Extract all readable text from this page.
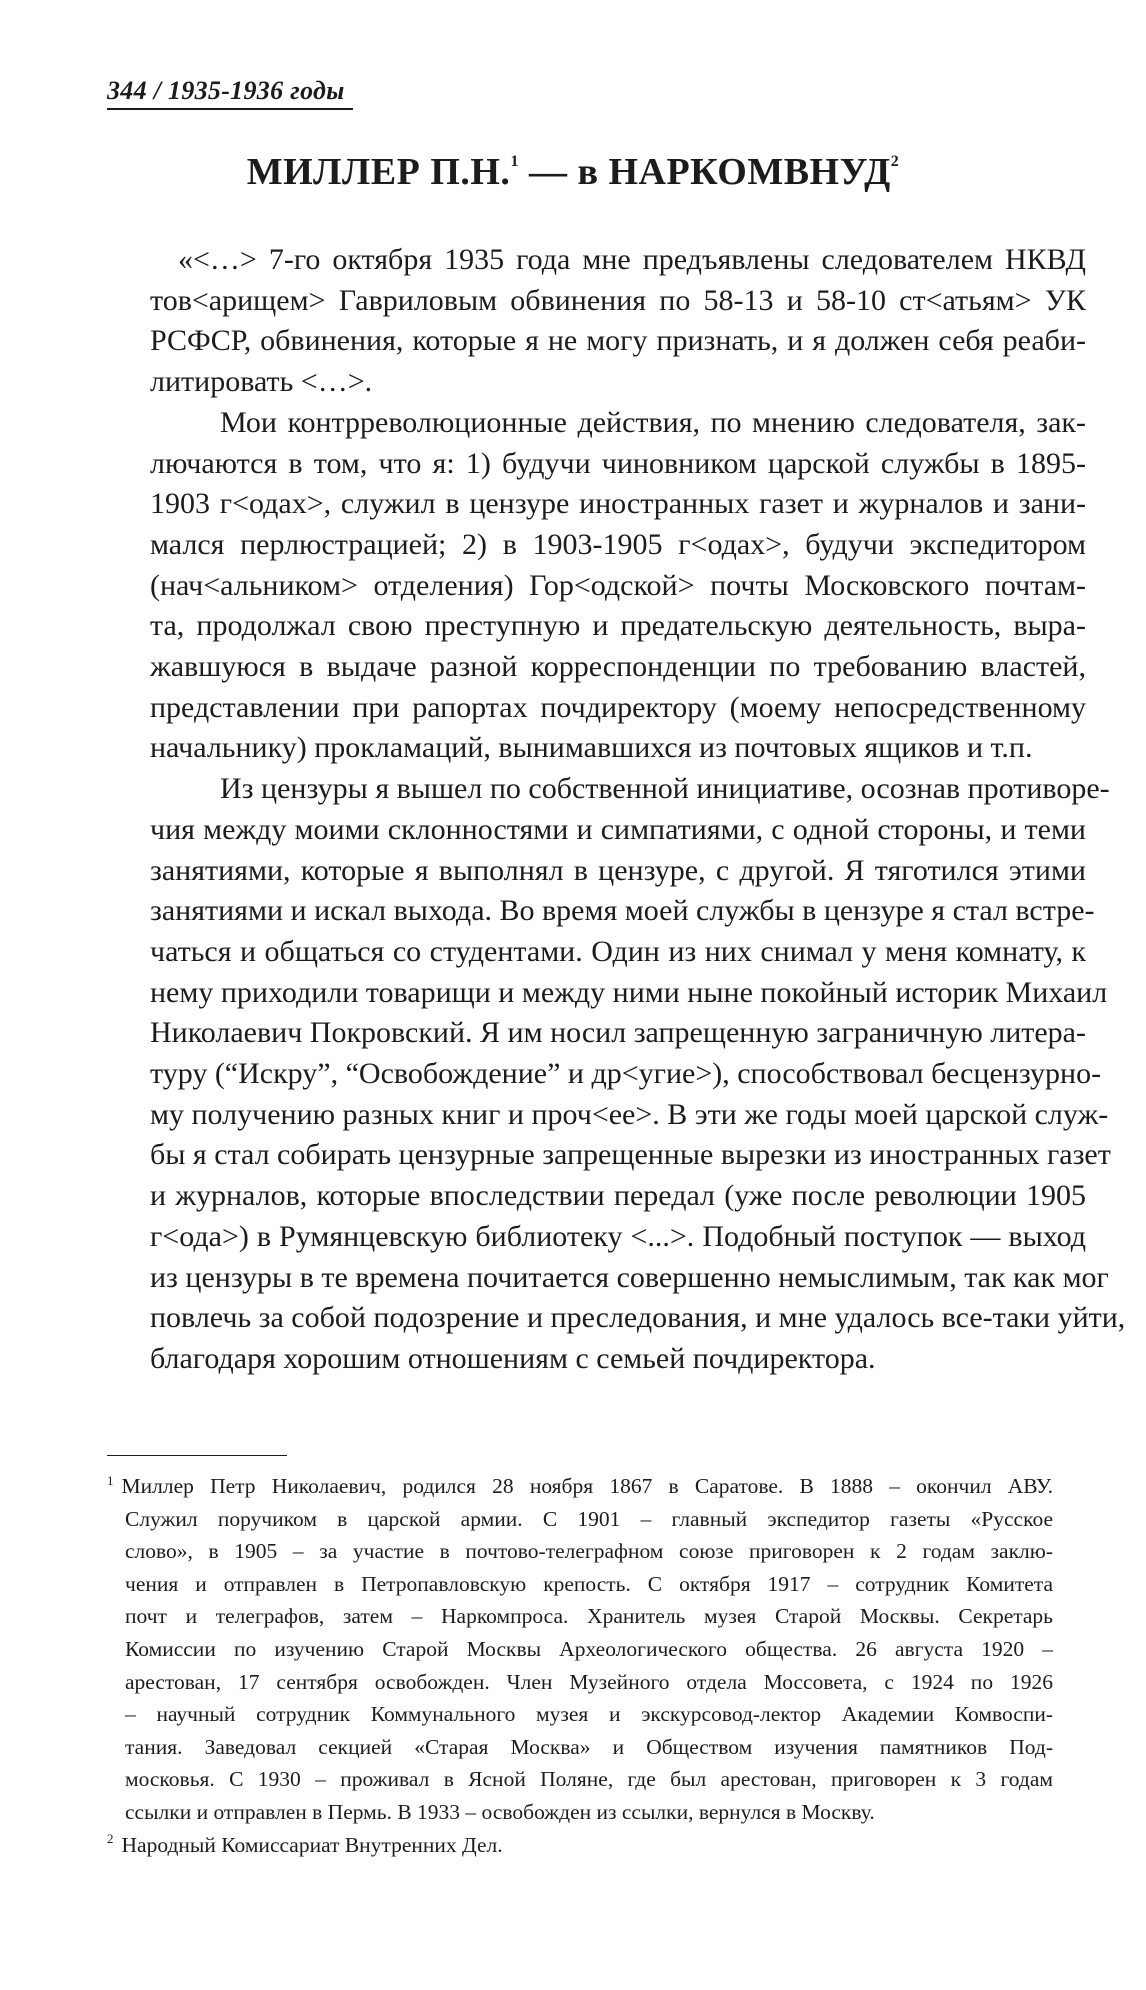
344 / 1935-1936 годы
МИЛЛЕР П.Н.$^1$ — в НАРКОМВНУД$^2$
«<…> 7-го октября 1935 года мне предъявлены следователем НКВД
тов<арищем> Гавриловым обвинения по 58-13 и 58-10 ст<атьям> УК
РСФСР, обвинения, которые я не могу признать, и я должен себя реаби-
литировать <…>.
Мои контрреволюционные действия, по мнению следователя, зак-
лючаются в том, что я: 1) будучи чиновником царской службы в 1895-
1903 г<одах>, служил в цензуре иностранных газет и журналов и зани-
мался перлюстрацией; 2) в 1903-1905 г<одах>, будучи экспедитором
(нач<альником> отделения) Гор<одской> почты Московского почтам-
та, продолжал свою преступную и предательскую деятельность, выра-
жавшуюся в выдаче разной корреспонденции по требованию властей,
представлении при рапортах почдиректору (моему непосредственному
начальнику) прокламаций, вынимавшихся из почтовых ящиков и т.п.
Из цензуры я вышел по собственной инициативе, осознав противоре-
чия между моими склонностями и симпатиями, с одной стороны, и теми
занятиями, которые я выполнял в цензуре, с другой. Я тяготился этими
занятиями и искал выхода. Во время моей службы в цензуре я стал встре-
чаться и общаться со студентами. Один из них снимал у меня комнату, к
нему приходили товарищи и между ними ныне покойный историк Михаил
Николаевич Покровский. Я им носил запрещенную заграничную литера-
туру (“Искру”, “Освобождение” и др<угие>), способствовал бесцензурно-
му получению разных книг и проч<ее>. В эти же годы моей царской служ-
бы я стал собирать цензурные запрещенные вырезки из иностранных газет
и журналов, которые впоследствии передал (уже после революции 1905
г<ода>) в Румянцевскую библиотеку <...>. Подобный поступок — выход
из цензуры в те времена почитается совершенно немыслимым, так как мог
повлечь за собой подозрение и преследования, и мне удалось все-таки уйти,
благодаря хорошим отношениям с семьей почдиректора.
$^1$ Миллер Петр Николаевич, родился 28 ноября 1867 в Саратове. В 1888 – окончил АВУ.
Служил поручиком в царской армии. С 1901 – главный экспедитор газеты «Русское
слово», в 1905 – за участие в почтово-телеграфном союзе приговорен к 2 годам заклю-
чения и отправлен в Петропавловскую крепость. С октября 1917 – сотрудник Комитета
почт и телеграфов, затем – Наркомпроса. Хранитель музея Старой Москвы. Секретарь
Комиссии по изучению Старой Москвы Археологического общества. 26 августа 1920 –
арестован, 17 сентября освобожден. Член Музейного отдела Моссовета, с 1924 по 1926
– научный сотрудник Коммунального музея и экскурсовод-лектор Академии Комвоспи-
тания. Заведовал секцией «Старая Москва» и Обществом изучения памятников Под-
московья. С 1930 – проживал в Ясной Поляне, где был арестован, приговорен к 3 годам
ссылки и отправлен в Пермь. В 1933 – освобожден из ссылки, вернулся в Москву.
$^2$ Народный Комиссариат Внутренних Дел.
